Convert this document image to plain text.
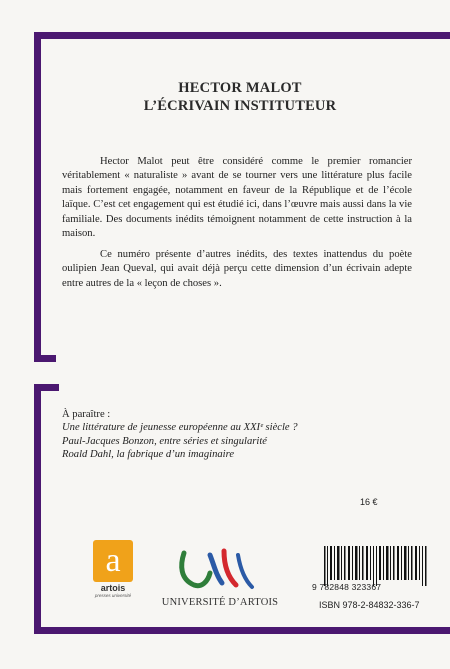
HECTOR MALOT
L’ÉCRIVAIN INSTITUTEUR

Hector Malot peut être considéré comme le premier romancier véritablement « naturaliste » avant de se tourner vers une littérature plus facile mais fortement engagée, notamment en faveur de la République et de l’école laïque. C’est cet engagement qui est étudié ici, dans l’œuvre mais aussi dans la vie familiale. Des documents inédits témoignent notamment de cette instruction à la maison.

Ce numéro présente d’autres inédits, des textes inattendus du poète oulipien Jean Queval, qui avait déjà perçu cette dimension d’un écrivain adepte entre autres de la « leçon de choses ».

À paraître :
Une littérature de jeunesse européenne au XXIᵉ siècle ?
Paul-Jacques Bonzon, entre séries et singularité
Roald Dahl, la fabrique d’un imaginaire
16 €
a
artois
presses université
UNIVERSITÉ D’ARTOIS
9 782848 323367
ISBN 978-2-84832-336-7
